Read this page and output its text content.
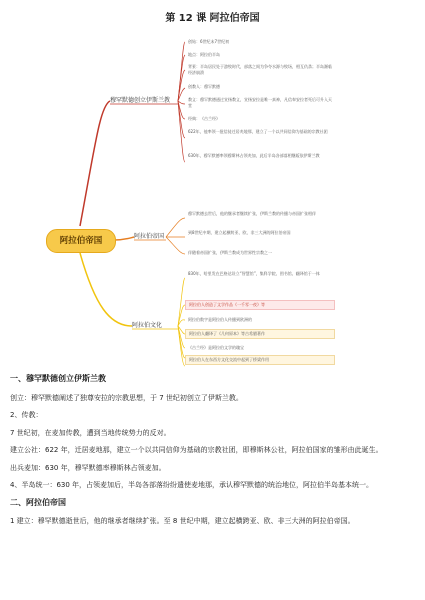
第 12 课 阿拉伯帝国
阿拉伯帝国
穆罕默德创立伊斯兰教
阿拉伯帝国
阿拉伯文化
创始：6世纪末7世纪初
地点：阿拉伯半岛
背景：半岛居民处于游牧时代，部落之间为争夺水源与牧场，相互仇杀；半岛濒临经济崩溃
创教人：穆罕默德
教义：穆罕默德通过宣扬教义，宣扬安拉是唯一真神，凡信奉安拉者死后可升入天堂
经典：《古兰经》
622年，他率领一批信徒迁居麦地那，建立了一个以共同信仰为基础的宗教社团
630年，穆罕默德率领穆斯林占领麦加，此后半岛各部落相继皈依伊斯兰教
穆罕默德去世后，他的继承者继续扩张，伊斯兰教的传播与帝国扩张相伴
到8世纪中期，建立起横跨亚、欧、非三大洲的阿拉伯帝国
伴随着帝国扩张，伊斯兰教成为世界性宗教之一
830年，哈里发在巴格达设立“智慧馆”，集科学院、图书馆、翻译馆于一体
阿拉伯人创造了文学作品《一千零一夜》等
阿拉伯数字是阿拉伯人传播到欧洲的
阿拉伯人翻译了《几何原本》等古希腊著作
《古兰经》是阿拉伯文学的瑰宝
阿拉伯人在东西方文化交流中起到了桥梁作用

一、穆罕默德创立伊斯兰教

创立：穆罕默德阐述了独尊安拉的宗教思想，于 7 世纪初创立了伊斯兰教。

2、传教：

7 世纪初，在麦加传教，遭到当地传统势力的反对。

建立公社：622 年，迁居麦地那，建立一个以共同信仰为基础的宗教社团，即穆斯林公社，阿拉伯国家的雏形由此诞生。

出兵麦加：630 年，穆罕默德率穆斯林占领麦加。

4、半岛统一：630 年，占领麦加后，半岛各部落纷纷遣使麦地那，承认穆罕默德的统治地位，阿拉伯半岛基本统一。

二、阿拉伯帝国

1 建立：穆罕默德逝世后，他的继承者继续扩张。至 8 世纪中期，建立起横跨亚、欧、非三大洲的阿拉伯帝国。
